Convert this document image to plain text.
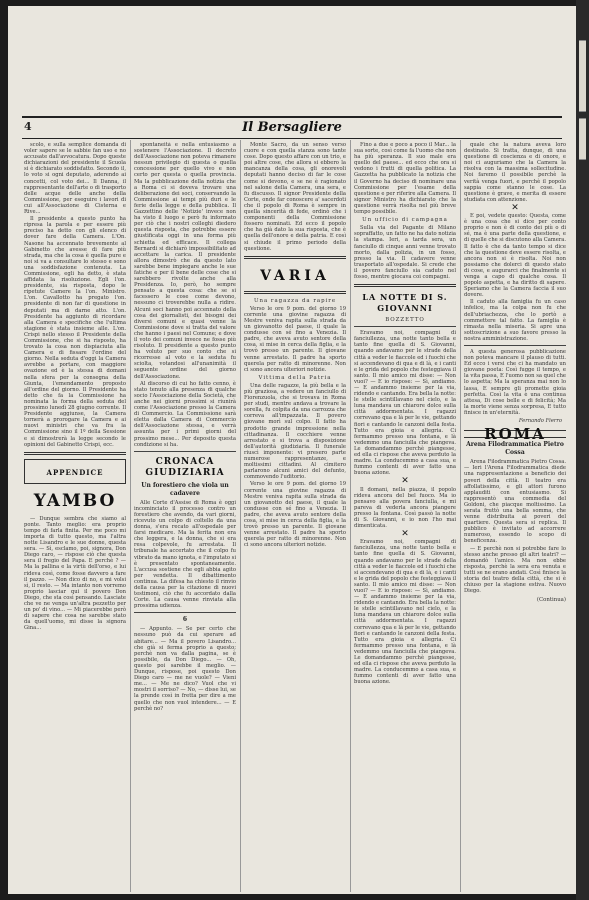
4	Il Bersagliere

scolo, e sulla semplice domanda di voler sapere se le sabbie fan uso e no accusate dall'avvocatura. Dopo queste dichiarazioni del presidente il Scuola si è dichiarato soddisfatto. Secondo il, lo voto si ogni deputato, aderendo ai concetti, col voto dei... Il Danna, il rappresentante dell'arte o di trasporto delle acque delle anche della Commissione, per eseguire i lavori di cui all'Associazione di Cisterna e Rive...

Il presidente a questo punto ha ripresa la parola e per essere più preciso ha detto con gli elenco di dover fare della Camera. L'On. Nasone ha accennato brevemente al Gabinetto che avesse di fare più strada, ma che la cosa è quella pure e noi si va a consultare lo stesso e sono una soddisfazione contenuta. La Commissione, egli ha detto, è stata affidata la risoluzione. Egli l'on. presidente, sia risposta, dopo le ripetute Camere la l'on. Ministro. L'on. Cavallotto ha pregato l'on. presidente di non far di questione in deputati ma di darne atto. L'on. Presidente ha aggiunto di ricordare alla Camera e specifiche che l'ultima stagione è stata insieme alle. L'on. Crispi nello stesso il Presidente della Commissione, che si ha risposto, ha trovato la cosa non dispiaciuta alla Camera e di fissare l'ordine del giorno. Nella seduta d'oggi la Camera avrebbe a portare, con maggiore ovazione ed è la stessa di domani nella sfera per la consegna della Giunta, l'emendamento proposto all'ordine del giorno. Il Presidente ha detto che fa la Commissione ha nominata la forma della seduta del prossimo lunedì 28 giugno corrente. Il Presidente aggiunse, la Camera tornerà a prorogare la Camera e ai nuovi ministri che va fra la Commissione sino il 1º della Sessione e si dimostrerà la legge secondo le opinioni del Gabinetto Crispi, ecc.

APPENDICE
YAMBO

— Dunque sembra che siamo al ponte. Tanto meglio: era proprio tempo di farla finita. Per me poco mi importa di tutto questo, ma l'altra notte Lisandro e le sue donne, questa sera. — Sì, esclamo, poi, signora, Don Diego caro, — rispose ciò che questa sera il fregio del Papa. E perchè ? — Ma la pallina e la virtù dell'orso, e lui rideva così, come fosse davvero a fare il pazzo. — Non dico di no, e mi volsi sì, il resto. — Ma intanto non vorremo proprio lasciar qui il povero Don Diego, che sta così pensando. Lasciate che ve ne venga un'altra pezzetto per un po' di vino... — Mi piacerebbe però di sapere che cosa ne sarebbe stato da quell'uomo, mi disse la signora Gina...

spontaneità e nella entusiasmo a sostenere l'Associazione. Il decreto dell'Associazione non poteva rimanere nessun privilegio di questa o quella concessione per quello vivo e non certo per questa o quella provincia. Ma la pubblicazione della notizia che a Roma ci si doveva trovare una deliberazione dei soci, conservando la Commissione ai tempi più duri e le ferie della legge e della pubblica. Il Gazzettino delle 'Notizie' invece non ha visto il luogo e però fu informato per ciò che i nostri colleghi diedero questa risposta, che potrebbe essere giustificata oggi in una forma più schietta ed efficace. Il collega Bernardi si dichiarò impossibilitato ad accettare la carica. Il presidente allora dimostrò che da questo lato sarebbe bene impiegare anche le sue fatiche e per il bene delle cose che si sarebbero rivolte anche alla Presidenza. Io, però, ho sempre pensato a questa cosa: che se si facessero le cose come devono, nessuno ci troverebbe nulla a ridire. Alcuni soci hanno poi accennato della cosa dei giornalisti, dei bisogni dei diversi comuni e quasi venne la Commissione dove si tratta del valore che hanno i paesi nel Comune; e dove il voto dei comuni invece ne fosse più risoluto. Il presidente a questo punto ha voluto per suo conto che si ricorresse al voto e la seduta fu sciolta, votandosi all'unanimità il seguente ordine del giorno dell'Associazione.

Al discorso di cui ho fatto cenno, è stato tenuto alla presenza di qualche socio l'Associazione della Società, che anche nei giorni prossimi si riunirà come l'Associazione presso la Camera di Commercio. La Commissione sarà eletta dalla Camera di Commercio dell'Associazione stessa, e verrà assunta per i primi giorni del prossimo mese... Per deposito questa condizione si ha.

CRONACA GIUDIZIARIA
Un forestiero che viola un cadavere

Alle Corte d'Assise di Roma è oggi incominciato il processo contro un forestiero che avendo, da vari giorni, ricevuto un colpo di coltello da una donna, s'era recato all'ospedale per farsi medicare. Ma la ferita non era che leggera, e la donna, che si era resa colpevole, fu arrestata. Il tribunale ha accertato che il colpo fu vibrato da mano ignota, e l'imputato si è presentato spontaneamente. L'accusa sostiene che egli abbia agito per vendetta. Il dibattimento continua. La difesa ha chiesto il rinvio della causa per la citazione di nuovi testimoni, ciò che fu accordato dalla Corte. La causa venne rinviata alla prossima udienza.

6

— Appunto. — Se per certo che nessuno può da cui sperare ad abitare... — Ma il povero Lisandro... che già si ferma proprio a questo; perchè non va dalla pagina, se è possibile, da Don Diego... — Oh, questo poi sarebbe il meglio. — Dunque, rispose, poi questo Don Diego caro — me ne vuole? — Vieni me... — Me ne dico? Vuol che vi mostri il sorriso? — No, — disse lui, se la prende così in fretta per dire a me quello che non vuol intendere... — E perchè no?

Monte Sacro, da un senso verso cuore e con quella stanza sono tante cose. Dopo questo affare con un trio, e poi altre cose, che allora si ebbero la mancanza della cosa, gli onorevoli deputati hanno deciso di far le cose come si devono, e se ne è ragionato nel salone della Camera, una sera, e fu discusso. Il signor Presidente della Corte, onde far conoscere a' sacerdoti che il popolo di Roma è sempre in quella sincerità di fede, ordinò che i componenti della Commissione fossero nominati. Ed ecco il popolo che ha già dato la sua risposta, che è quella dell'onore e della patria. E così si chiude il primo periodo della questione.

VARIA
Una ragazza da rapire

Verso le ore 9 pom. del giorno 19 corrente una giovine ragazza di Mestre veniva rapita sulla strada da un giovanotto del paese, il quale la condusse con sé fino a Venezia. Il padre, che aveva avuto sentore della cosa, si mise in cerca della figlia, e la trovò presso un parente. Il giovane venne arrestato. Il padre ha sporto querela per ratto di minorenne. Non ci sono ancora ulteriori notizie.

Vittima della Patria

Una delle ragazze, la più bella e la più graziosa, a vedere un fanciullo di Fiorenzuola, che si trovava in Roma per studi, mentre andava a trovare la sorella, fu colpita da una carrozza che correva all'impazzata. Il povero giovane morì sul colpo. Il fatto ha prodotto grande impressione nella cittadinanza. Il cocchiere venne arrestato e si trova a disposizione dell'autorità giudiziaria. Il funerale riuscì imponente: vi presero parte numerose rappresentanze, e moltissimi cittadini. Al cimitero parlarono alcuni amici del defunto, commovendo l'uditorio.

Verso le ore 9 pom. del giorno 19 corrente una giovine ragazza di Mestre veniva rapita sulla strada da un giovanotto del paese, il quale la condusse con sé fino a Venezia. Il padre, che aveva avuto sentore della cosa, si mise in cerca della figlia, e la trovò presso un parente. Il giovane venne arrestato. Il padre ha sporto querela per ratto di minorenne. Non ci sono ancora ulteriori notizie.

Fino a due e poco a poco il Mar... la sua sorte, così come fa l'uomo che non ha più speranza. Il suo male era quello del paese... ed ecco che ora si vedono i frutti di quella politica. La Gazzetta ha pubblicato la notizia che il Governo ha deciso di nominare una Commissione per l'esame della questione e per riferire alla Camera. Il signor Ministro ha dichiarato che la questione verrà risolta nel più breve tempo possibile.

Un ufficio di campagna

Sulla via del Pagante di Milano sopraffatto, un fatto ne ha dato notizia la stampa. Ieri, a tarda sera, un fanciullo di cinque anni venne trovato morto, dalla polizia, in un fosso, presso la via. Il cadavere venne trasportato all'ospedale. Si crede che il povero fanciullo sia caduto nel fosso, mentre giocava coi compagni.

LA NOTTE DI S. GIOVANNI
BOZZETTO

Eravamo noi, compagni di fanciullezza, una notte tanto bella e tanto fine quella di S. Giovanni, quando andavamo per le strade della città a veder le fiaccole ed i fuochi che si accendevano di qua e di là, e i canti e le grida del popolo che festeggiava il santo. Il mio amico mi disse: — Non vuoi? — E io rispose: — Sì, andiamo. — E andammo insieme per la via, ridendo e cantando. Era bella la notte: le stelle scintillavano nel cielo, e la luna mandava un chiarore dolce sulla città addormentata. I ragazzi correvano qua e là per le vie, gettando fiori e cantando le canzoni della festa. Tutto era gioia e allegria. Ci fermammo presso una fontana, e là vedemmo una fanciulla che piangeva. Le domandammo perchè piangesse, ed ella ci rispose che aveva perduto la madre. La conducemmo a casa sua, e fummo contenti di aver fatto una buona azione.

✕

Il domani, nella piazza, il popolo rideva ancora del bel fuoco. Ma io pensavo alla povera fanciulla, e mi pareva di vederla ancora piangere presso la fontana. Così passò la notte di S. Giovanni, e io non l'ho mai dimenticata.

✕

Eravamo noi, compagni di fanciullezza, una notte tanto bella e tanto fine quella di S. Giovanni, quando andavamo per le strade della città a veder le fiaccole ed i fuochi che si accendevano di qua e di là, e i canti e le grida del popolo che festeggiava il santo. Il mio amico mi disse: — Non vuoi? — E io rispose: — Sì, andiamo. — E andammo insieme per la via, ridendo e cantando. Era bella la notte: le stelle scintillavano nel cielo, e la luna mandava un chiarore dolce sulla città addormentata. I ragazzi correvano qua e là per le vie, gettando fiori e cantando le canzoni della festa. Tutto era gioia e allegria. Ci fermammo presso una fontana, e là vedemmo una fanciulla che piangeva. Le domandammo perchè piangesse, ed ella ci rispose che aveva perduto la madre. La conducemmo a casa sua, e fummo contenti di aver fatto una buona azione.

quale che la natura aveva loro destinato. Si tratta, dunque, di una questione di coscienza e di onore, e noi ci auguriamo che la Camera la risolva con la massima sollecitudine. Noi faremo il possibile perchè la verità venga fuori, e perchè il popolo sappia come stanno le cose. La questione è grave, e merita di essere studiata con attenzione.

✕

E poi, vedete questo: Questa, come è una cosa che si dice per conto proprio e non è di conto dei più o di sé, ma è una parte della questione, e di quelle che si discutono alla Camera. Il fatto è che da tanto tempo si dice che la questione deve essere risolta, e ancora non si è risolta. Noi non possiamo che dolerci di questo stato di cose, e augurarci che finalmente si venga a capo di qualche cosa. Il popolo aspetta, e ha diritto di sapere. Speriamo che la Camera faccia il suo dovere.

Il caduto alla famiglia fu un caso infelice, ma la colpa non fu che dell'ubriachezza, che lo portò a commettere tal fatto. La famiglia è rimasta nella miseria. Si apre una sottoscrizione a suo favore presso la nostra amministrazione.

A questa generosa pubblicazione non poteva mancare il plauso di tutti. Ed ecco i versi che ci ha mandato un giovane poeta: Così fugge il tempo, e la vita passa, E l'uomo non sa quel che lo aspetta; Ma la speranza mai non lo lassa, E sempre gli promette gioia perfetta. Così la vita è una continua attesa, Di cose belle e di felicità; Ma la morte viene senza sorpresa, E tutto finisce in un'eternità.

Fernando Fierro
ROMA
Arena Filodrammatica Pietro Cossa

Arena Filodrammatica Pietro Cossa. — Ieri l'Arena Filodrammatica diede una rappresentazione a beneficio dei poveri della città. Il teatro era affollatissimo, e gli attori furono applauditi con entusiasmo. Si rappresentò una commedia del Goldoni, che piacque moltissimo. La serata fruttò una bella somma, che venne distribuita ai poveri del quartiere. Questa sera si replica. Il pubblico è invitato ad accorrere numeroso, essendo lo scopo di beneficenza.

— E perchè non si potrebbe fare lo stesso anche presso gli altri teatri? — domandò l'amico. Ma non ebbe risposta, perchè la sera era venuta e tutti se ne erano andati. Così finisce la storia del teatro della città, che si è chiuso per la stagione estiva. Nuovo Diego.

(Continua)
